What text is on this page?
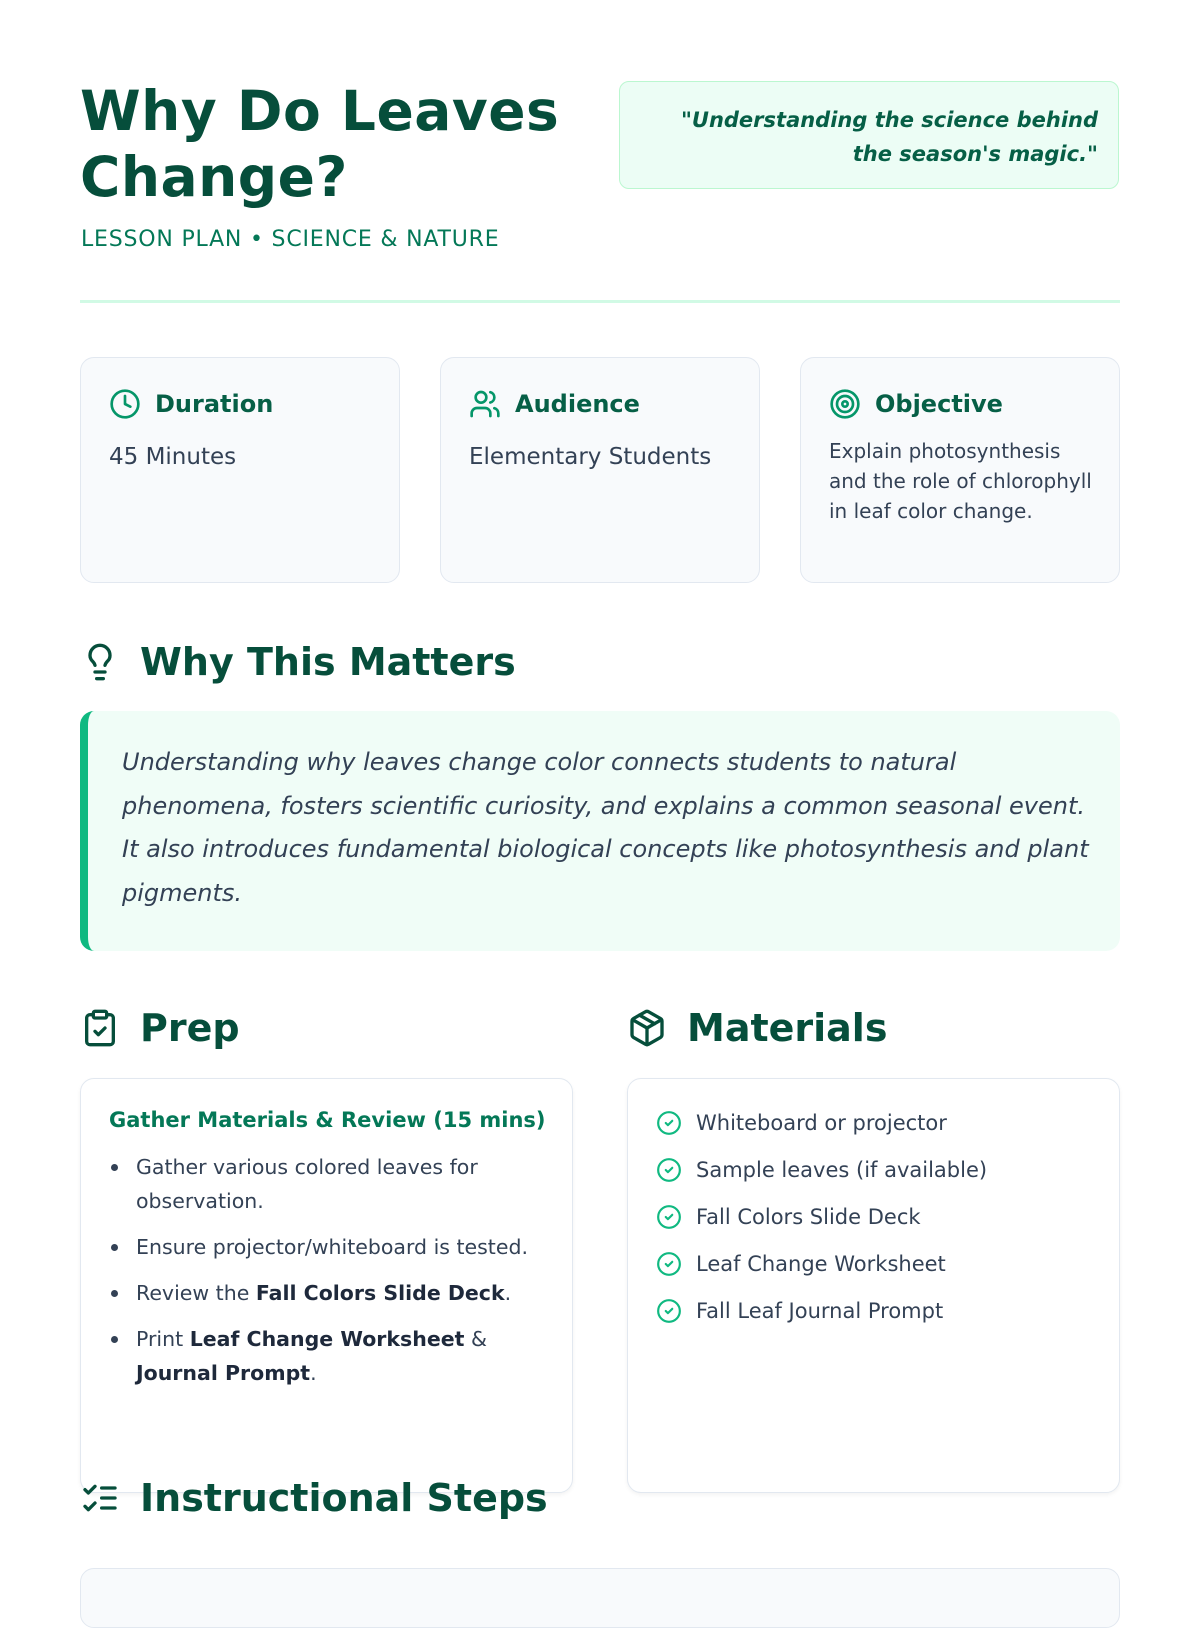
Why Do Leaves Change?
LESSON PLAN • SCIENCE & NATURE
"Understanding the science behind the season's magic."
Duration
45 Minutes
Audience
Elementary Students
Objective
Explain photosynthesis and the role of chlorophyll in leaf color change.
Why This Matters
Understanding why leaves change color connects students to natural phenomena, fosters scientific curiosity, and explains a common seasonal event. It also introduces fundamental biological concepts like photosynthesis and plant pigments.
Prep
Gather Materials & Review (15 mins)
Gather various colored leaves for observation.
Ensure projector/whiteboard is tested.
Review the Fall Colors Slide Deck.
Print Leaf Change Worksheet & Journal Prompt.
Materials
Whiteboard or projector
Sample leaves (if available)
Fall Colors Slide Deck
Leaf Change Worksheet
Fall Leaf Journal Prompt
Instructional Steps
